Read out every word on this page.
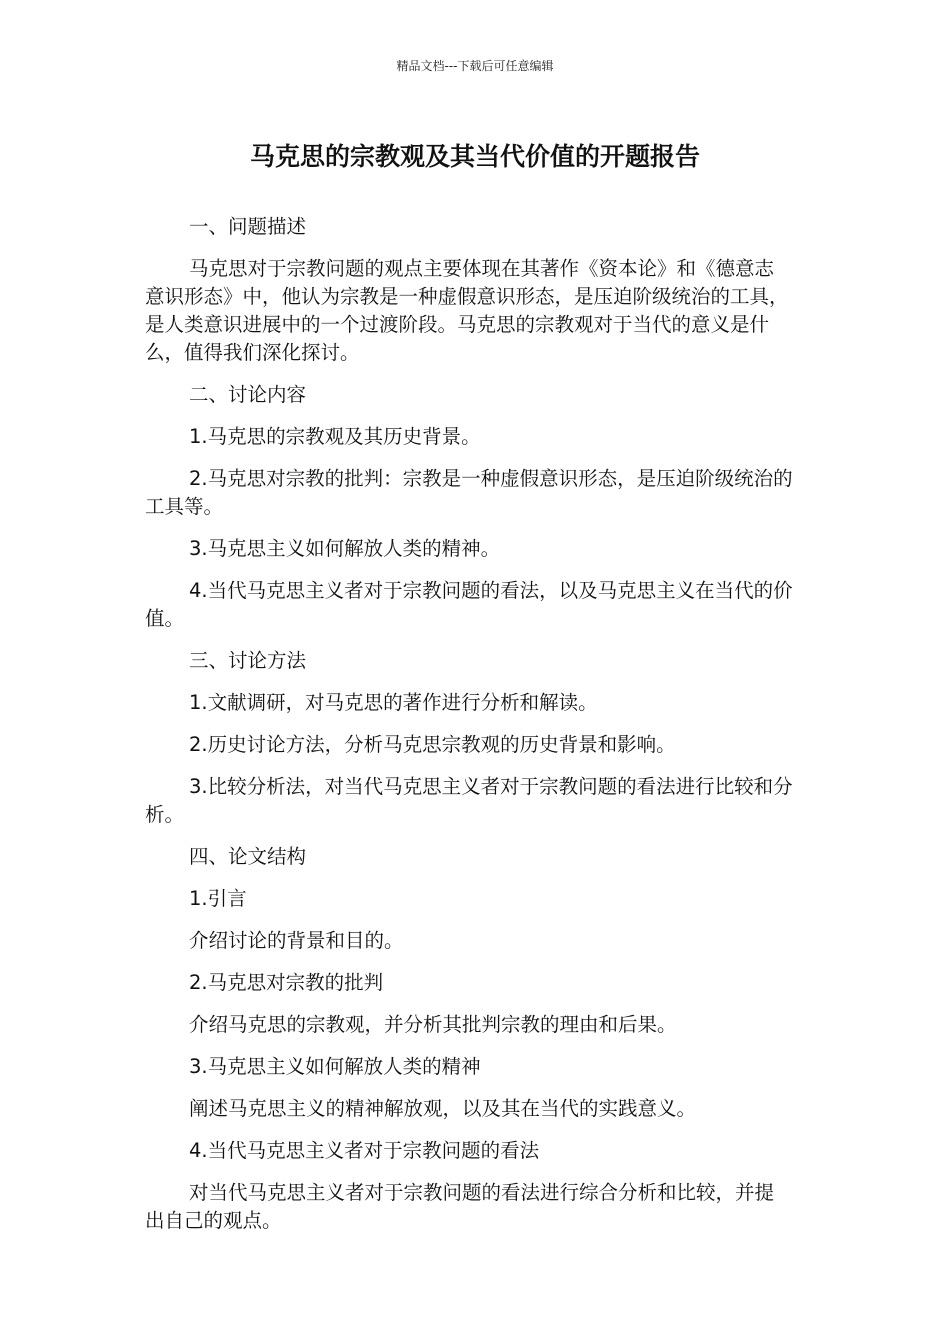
精品文档---下载后可任意编辑
马克思的宗教观及其当代价值的开题报告

一、问题描述

马克思对于宗教问题的观点主要体现在其著作《资本论》和《德意志意识形态》中，他认为宗教是一种虚假意识形态，是压迫阶级统治的工具，是人类意识进展中的一个过渡阶段。马克思的宗教观对于当代的意义是什么，值得我们深化探讨。

二、讨论内容

1.马克思的宗教观及其历史背景。

2.马克思对宗教的批判：宗教是一种虚假意识形态，是压迫阶级统治的工具等。

3.马克思主义如何解放人类的精神。

4.当代马克思主义者对于宗教问题的看法，以及马克思主义在当代的价值。

三、讨论方法

1.文献调研，对马克思的著作进行分析和解读。

2.历史讨论方法，分析马克思宗教观的历史背景和影响。

3.比较分析法，对当代马克思主义者对于宗教问题的看法进行比较和分析。

四、论文结构

1.引言

介绍讨论的背景和目的。

2.马克思对宗教的批判

介绍马克思的宗教观，并分析其批判宗教的理由和后果。

3.马克思主义如何解放人类的精神

阐述马克思主义的精神解放观，以及其在当代的实践意义。

4.当代马克思主义者对于宗教问题的看法

对当代马克思主义者对于宗教问题的看法进行综合分析和比较，并提出自己的观点。
